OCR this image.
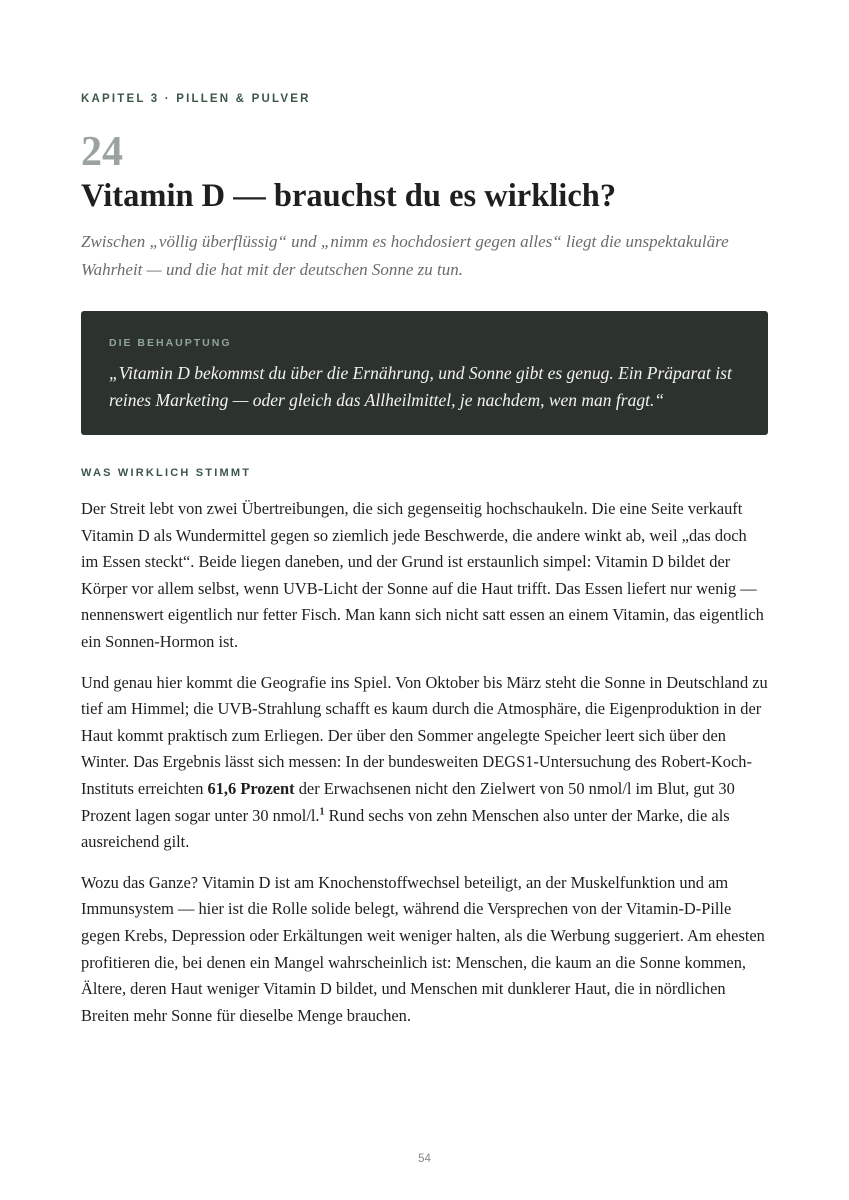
KAPITEL 3 · PILLEN & PULVER

24
Vitamin D — brauchst du es wirklich?

Zwischen „völlig überflüssig“ und „nimm es hochdosiert gegen alles“ liegt die unspektakuläre Wahrheit — und die hat mit der deutschen Sonne zu tun.

DIE BEHAUPTUNG

„Vitamin D bekommst du über die Ernährung, und Sonne gibt es genug. Ein Präparat ist reines Marketing — oder gleich das Allheilmittel, je nachdem, wen man fragt.“

WAS WIRKLICH STIMMT

Der Streit lebt von zwei Übertreibungen, die sich gegenseitig hochschaukeln. Die eine Seite verkauft Vitamin D als Wundermittel gegen so ziemlich jede Beschwerde, die andere winkt ab, weil „das doch im Essen steckt“. Beide liegen daneben, und der Grund ist erstaunlich simpel: Vitamin D bildet der Körper vor allem selbst, wenn UVB-Licht der Sonne auf die Haut trifft. Das Essen liefert nur wenig — nennenswert eigentlich nur fetter Fisch. Man kann sich nicht satt essen an einem Vitamin, das eigentlich ein Sonnen-Hormon ist.

Und genau hier kommt die Geografie ins Spiel. Von Oktober bis März steht die Sonne in Deutschland zu tief am Himmel; die UVB-Strahlung schafft es kaum durch die Atmosphäre, die Eigenproduktion in der Haut kommt praktisch zum Erliegen. Der über den Sommer angelegte Speicher leert sich über den Winter. Das Ergebnis lässt sich messen: In der bundesweiten DEGS1-Untersuchung des Robert-Koch-Instituts erreichten 61,6 Prozent der Erwachsenen nicht den Zielwert von 50 nmol/l im Blut, gut 30 Prozent lagen sogar unter 30 nmol/l.$^1$ Rund sechs von zehn Menschen also unter der Marke, die als ausreichend gilt.

Wozu das Ganze? Vitamin D ist am Knochenstoffwechsel beteiligt, an der Muskelfunktion und am Immunsystem — hier ist die Rolle solide belegt, während die Versprechen von der Vitamin-D-Pille gegen Krebs, Depression oder Erkältungen weit weniger halten, als die Werbung suggeriert. Am ehesten profitieren die, bei denen ein Mangel wahrscheinlich ist: Menschen, die kaum an die Sonne kommen, Ältere, deren Haut weniger Vitamin D bildet, und Menschen mit dunklerer Haut, die in nördlichen Breiten mehr Sonne für dieselbe Menge brauchen.

54
